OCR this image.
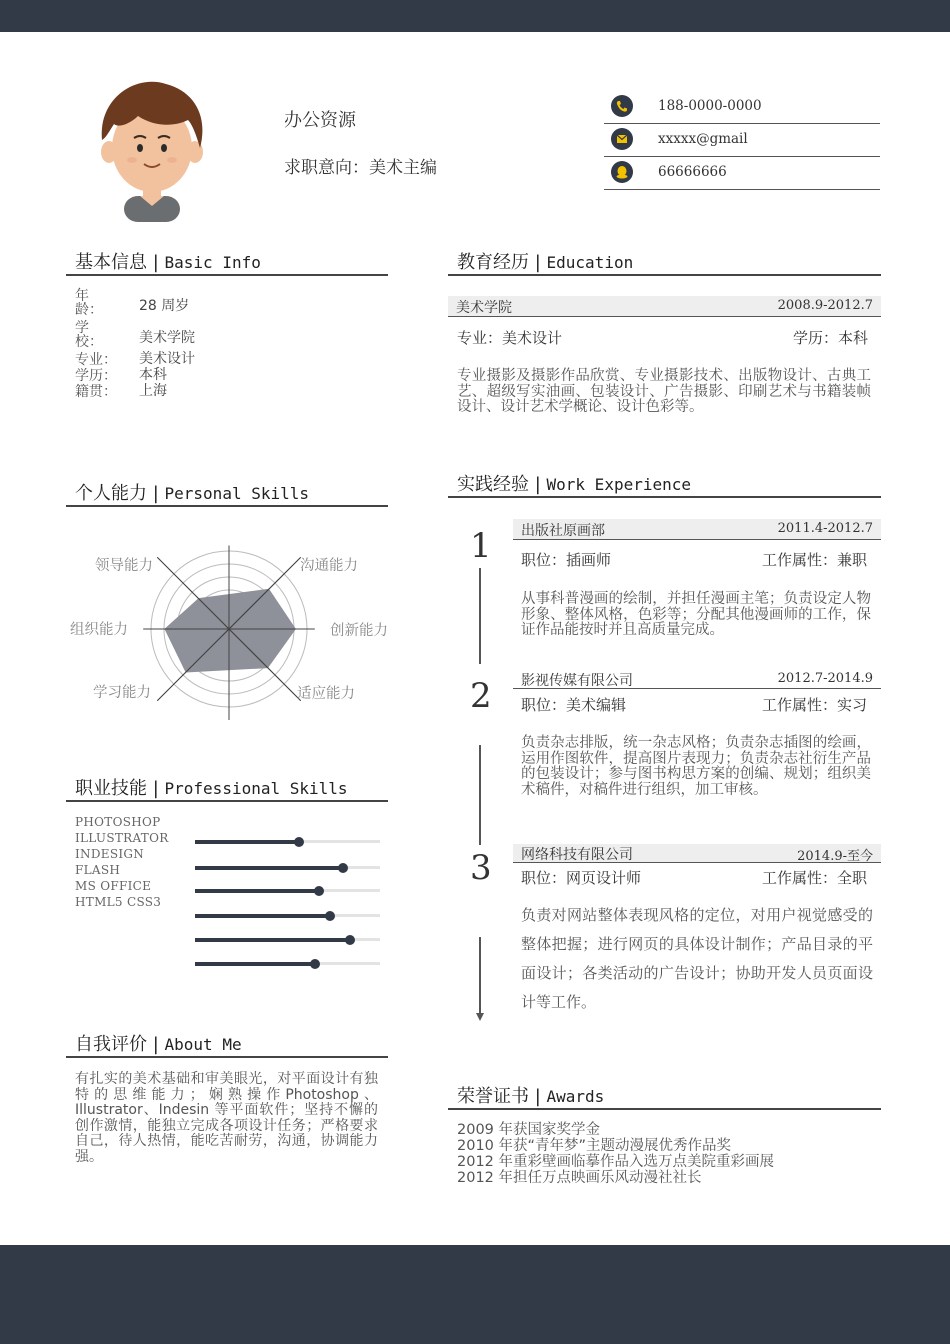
办公资源
求职意向：美术主编
188-0000-0000
xxxxx@gmail
66666666
基本信息 | Basic Info
年龄：	28 周岁
学校：	美术学院
专业： 美术设计
学历： 本科
籍贯： 上海
个人能力 | Personal Skills
领导能力	沟通能力
创新能力
适应能力
学习能力
组织能力
职业技能 | Professional Skills
PHOTOSHOP
ILLUSTRATOR
INDESIGN
FLASH
MS OFFICE
HTML5 CSS3
自我评价 | About Me
有扎实的美术基础和审美眼光，对平面设计有独特的思维能力；娴熟操作Photoshop、Illustrator、Indesin 等平面软件；坚持不懈的创作激情，能独立完成各项设计任务；严格要求自己，待人热情，能吃苦耐劳，沟通，协调能力强。
教育经历 | Education
美术学院	2008.9-2012.7
专业：美术设计	学历：本科
专业摄影及摄影作品欣赏、专业摄影技术、出版物设计、古典工艺、超级写实油画、包装设计、广告摄影、印刷艺术与书籍装帧设计、设计艺术学概论、设计色彩等。
实践经验 | Work Experience
1 出版社原画部	2011.4-2012.7
职位：插画师	工作属性：兼职
从事科普漫画的绘制，并担任漫画主笔；负责设定人物形象、整体风格，色彩等；分配其他漫画师的工作，保证作品能按时并且高质量完成。
2 影视传媒有限公司	2012.7-2014.9
职位：美术编辑	工作属性：实习
负责杂志排版，统一杂志风格；负责杂志插图的绘画，运用作图软件，提高图片表现力；负责杂志社衍生产品的包装设计；参与图书构思方案的创编、规划；组织美术稿件，对稿件进行组织，加工审核。
3 网络科技有限公司	2014.9-至今
职位：网页设计师	工作属性：全职
负责对网站整体表现风格的定位，对用户视觉感受的整体把握；进行网页的具体设计制作；产品目录的平面设计；各类活动的广告设计；协助开发人员页面设计等工作。
荣誉证书 | Awards
2009 年获国家奖学金
2010 年获“青年梦”主题动漫展优秀作品奖
2012 年重彩壁画临摹作品入选万点美院重彩画展
2012 年担任万点映画乐风动漫社社长
